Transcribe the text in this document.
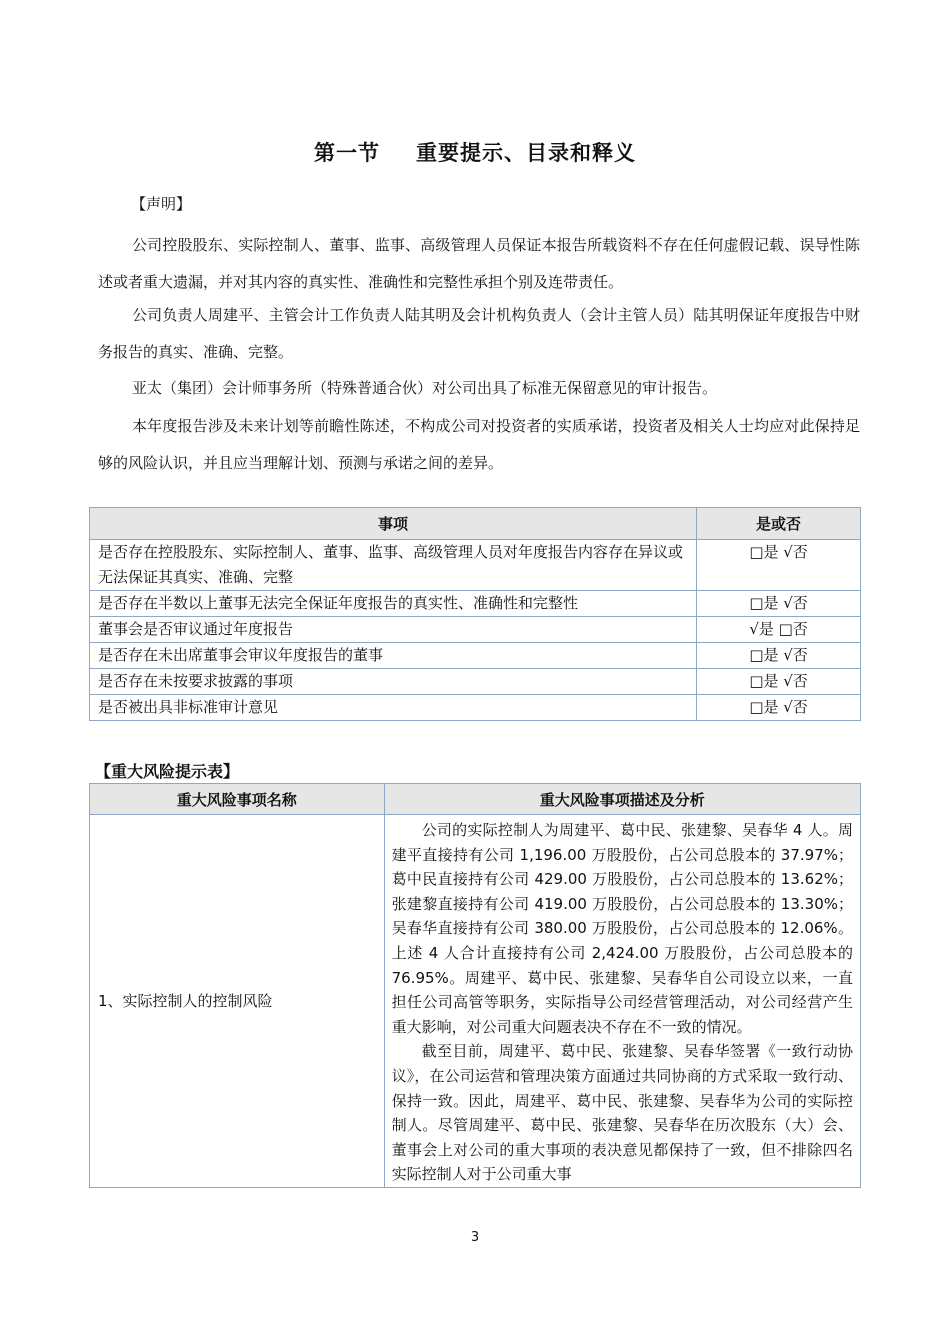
第一节 重要提示、目录和释义
【声明】

公司控股股东、实际控制人、董事、监事、高级管理人员保证本报告所载资料不存在任何虚假记载、误导性陈述或者重大遗漏，并对其内容的真实性、准确性和完整性承担个别及连带责任。

公司负责人周建平、主管会计工作负责人陆其明及会计机构负责人（会计主管人员）陆其明保证年度报告中财务报告的真实、准确、完整。

亚太（集团）会计师事务所（特殊普通合伙）对公司出具了标准无保留意见的审计报告。

本年度报告涉及未来计划等前瞻性陈述，不构成公司对投资者的实质承诺，投资者及相关人士均应对此保持足够的风险认识，并且应当理解计划、预测与承诺之间的差异。

事项	是或否
是否存在控股股东、实际控制人、董事、监事、高级管理人员对年度报告内容存在异议或无法保证其真实、准确、完整	□是 √否
是否存在半数以上董事无法完全保证年度报告的真实性、准确性和完整性	□是 √否
董事会是否审议通过年度报告	√是 □否
是否存在未出席董事会审议年度报告的董事	□是 √否
是否存在未按要求披露的事项	□是 √否
是否被出具非标准审计意见	□是 √否
【重大风险提示表】
重大风险事项名称	重大风险事项描述及分析
1、实际控制人的控制风险	公司的实际控制人为周建平、葛中民、张建黎、吴春华 4 人。周建平直接持有公司 1,196.00 万股股份，占公司总股本的 37.97%；葛中民直接持有公司 429.00 万股股份，占公司总股本的 13.62%；张建黎直接持有公司 419.00 万股股份，占公司总股本的 13.30%；吴春华直接持有公司 380.00 万股股份，占公司总股本的 12.06%。上述 4 人合计直接持有公司 2,424.00 万股股份，占公司总股本的 76.95%。周建平、葛中民、张建黎、吴春华自公司设立以来，一直担任公司高管等职务，实际指导公司经营管理活动，对公司经营产生重大影响，对公司重大问题表决不存在不一致的情况。

截至目前，周建平、葛中民、张建黎、吴春华签署《一致行动协议》，在公司运营和管理决策方面通过共同协商的方式采取一致行动、保持一致。因此，周建平、葛中民、张建黎、吴春华为公司的实际控制人。尽管周建平、葛中民、张建黎、吴春华在历次股东（大）会、董事会上对公司的重大事项的表决意见都保持了一致，但不排除四名实际控制人对于公司重大事

3
